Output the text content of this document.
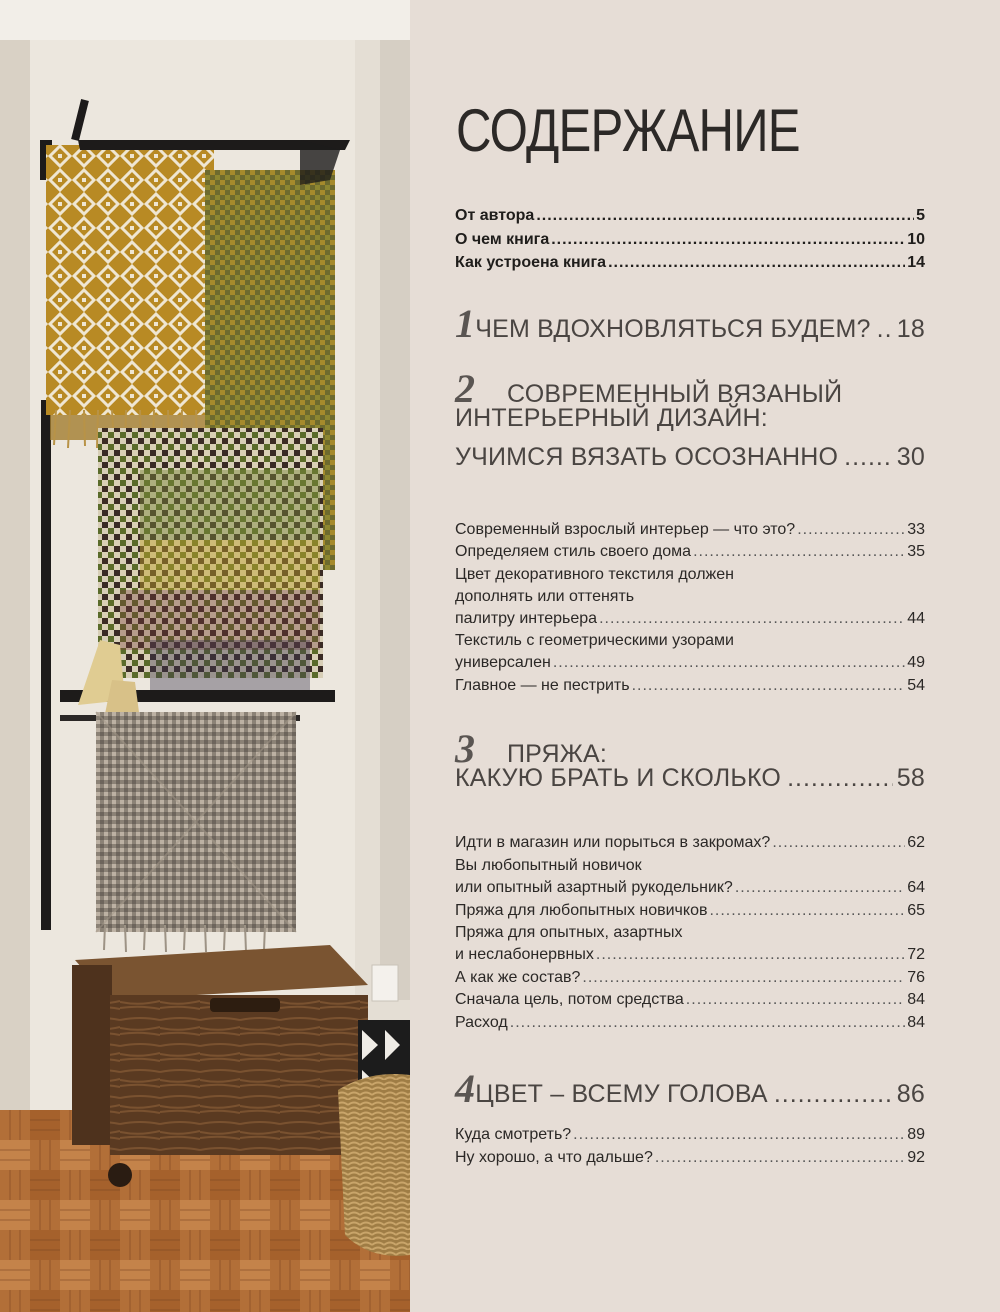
СОДЕРЖАНИЕ
От автора .....	5
О чем книга .....	10
Как устроена книга .....	14
1 ЧЕМ ВДОХНОВЛЯТЬСЯ БУДЕМ? ..... 18
2	СОВРЕМЕННЫЙ ВЯЗАНЫЙ
ИНТЕРЬЕРНЫЙ ДИЗАЙН:
УЧИМСЯ ВЯЗАТЬ ОСОЗНАННО ..... 30
Современный взрослый интерьер — что это? .....	33
Определяем стиль своего дома .....	35
Цвет декоративного текстиля должен
дополнять или оттенять
палитру интерьера .....	44
Текстиль с геометрическими узорами
универсален .....	49
Главное — не пестрить .....	54
3	ПРЯЖА:
КАКУЮ БРАТЬ И СКОЛЬКО .....	58
Идти в магазин или порыться в закромах? .....	62
Вы любопытный новичок
или опытный азартный рукодельник? .....	64
Пряжа для любопытных новичков .....	65
Пряжа для опытных, азартных
и неслабонервных .....	72
А как же состав? .....	76
Сначала цель, потом средства .....	84
Расход .....	84
4 ЦВЕТ – ВСЕМУ ГОЛОВА .....	86
Куда смотреть? .....	89
Ну хорошо, а что дальше? .....	92
